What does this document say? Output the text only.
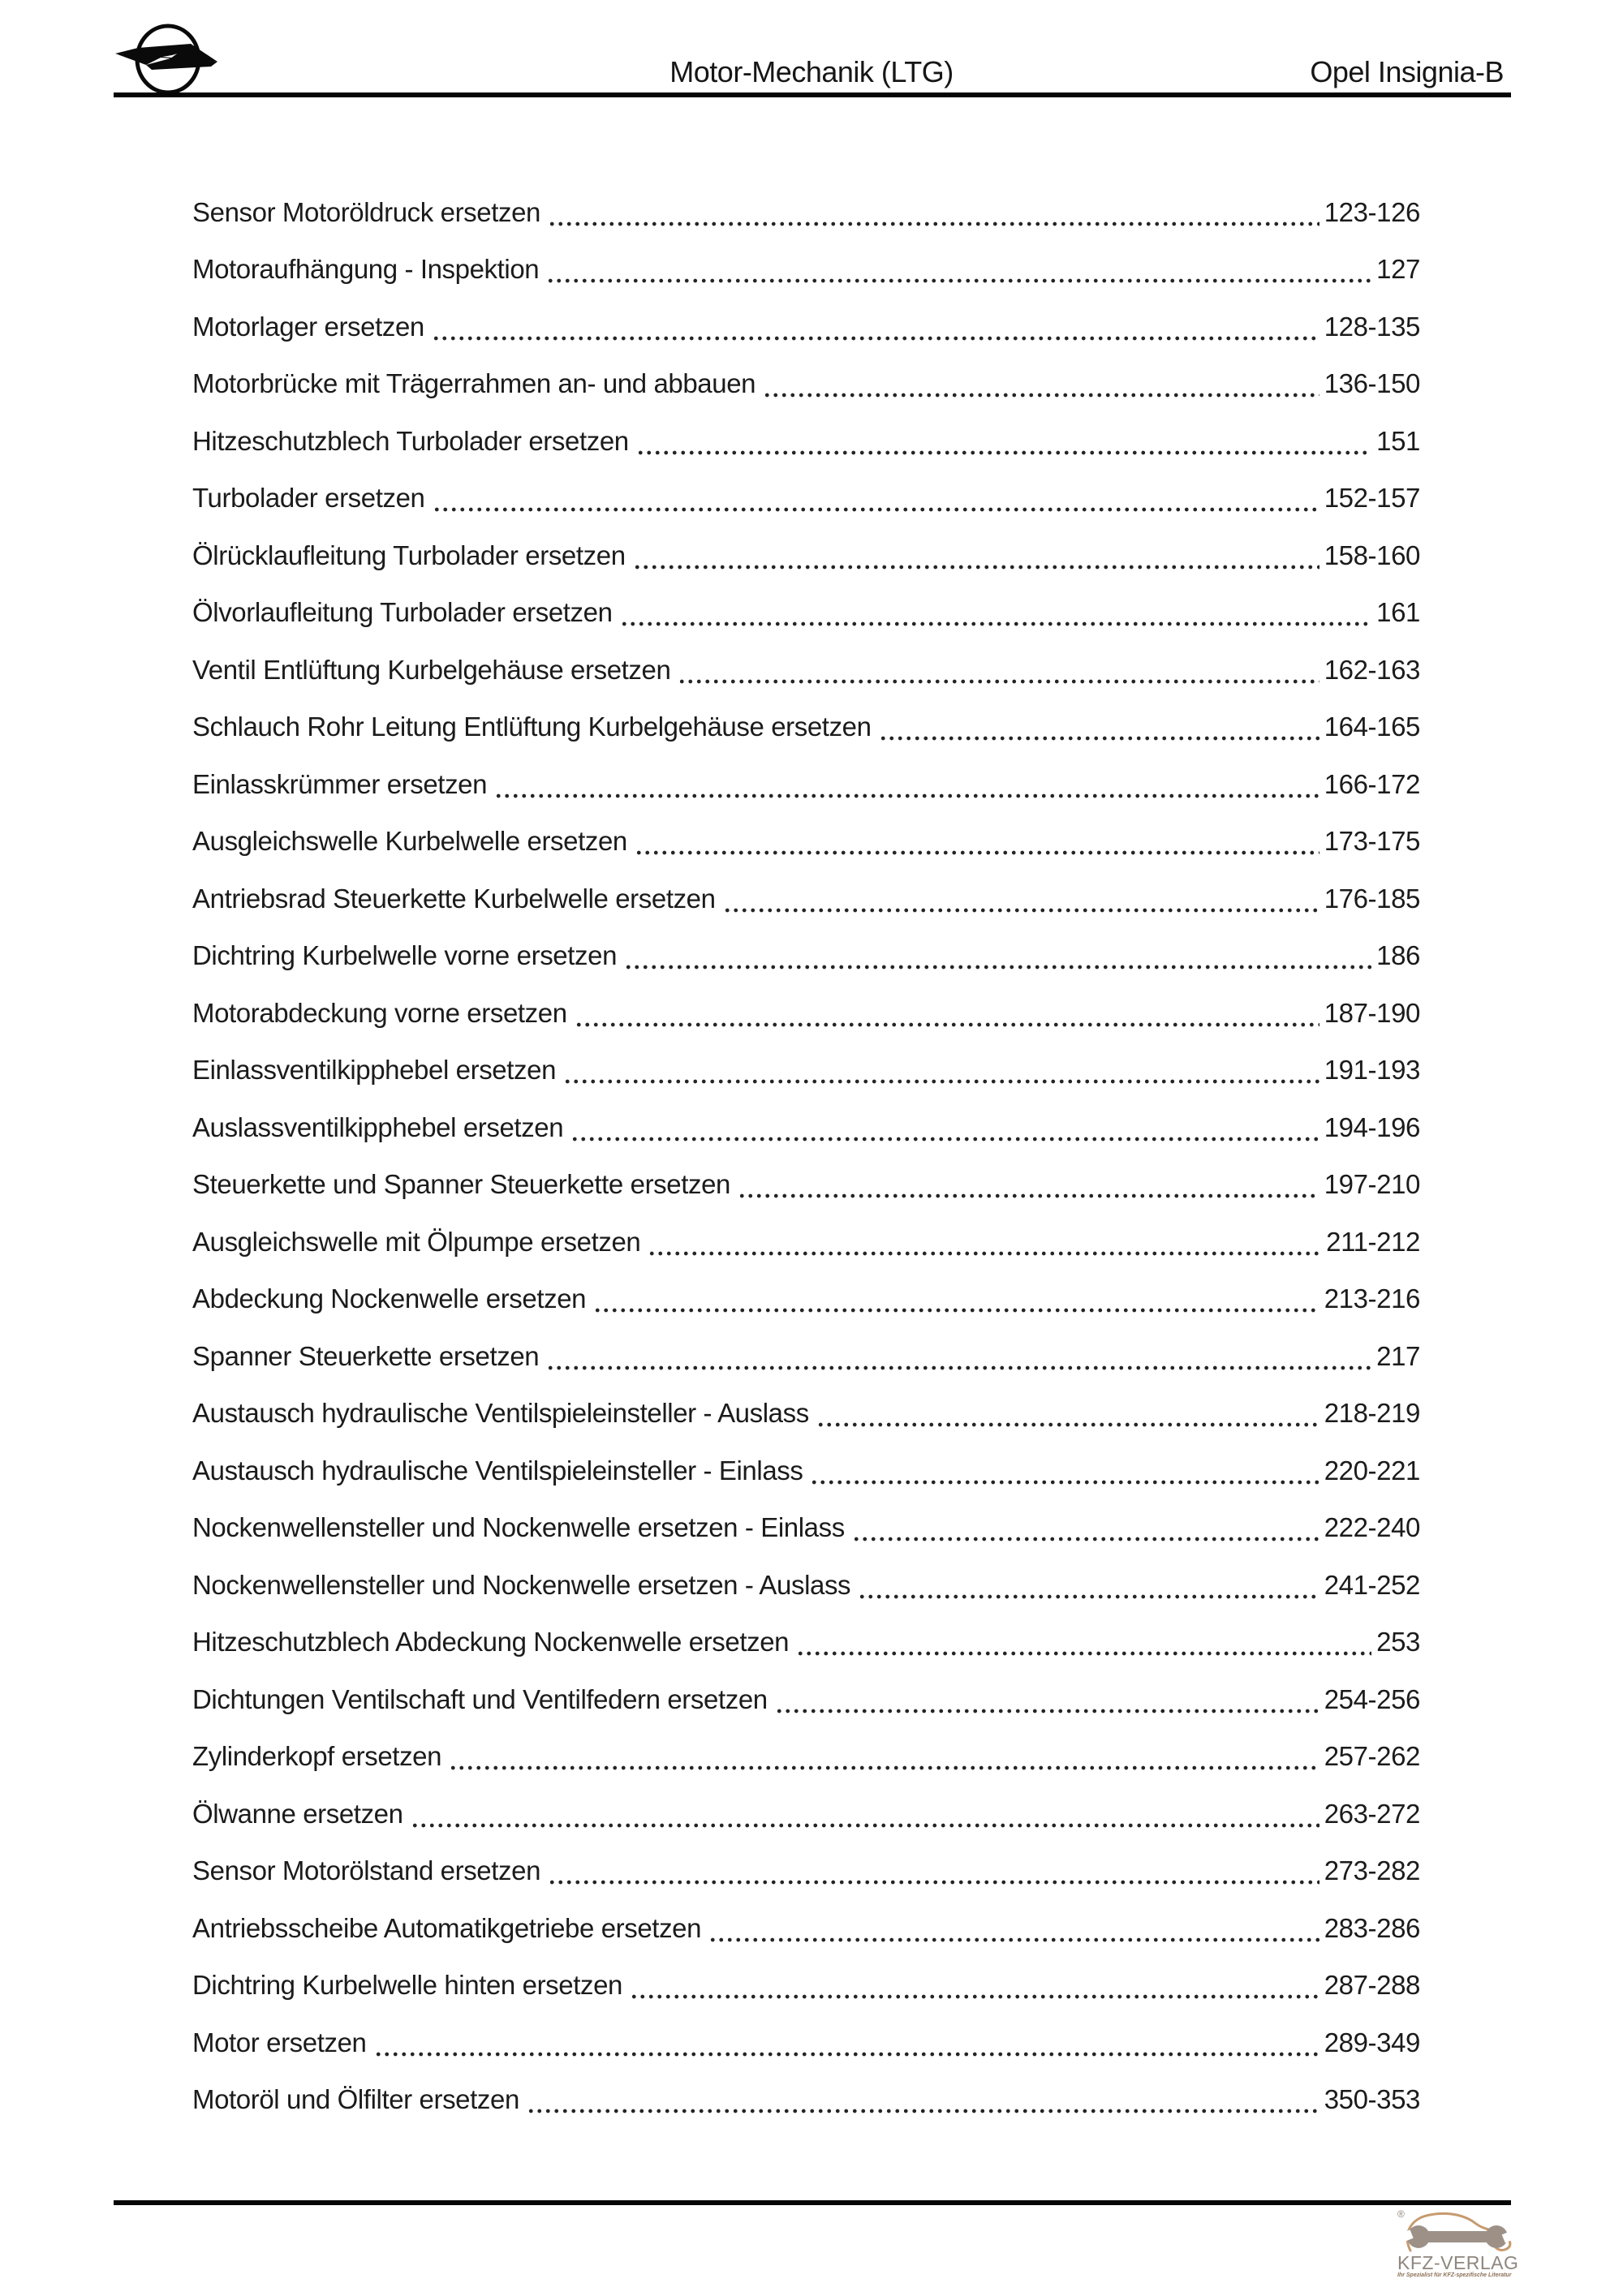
Motor-Mechanik (LTG)	Opel Insignia-B
Sensor Motoröldruck ersetzen	123-126
Motoraufhängung - Inspektion	127
Motorlager ersetzen	128-135
Motorbrücke mit Trägerrahmen an- und abbauen	136-150
Hitzeschutzblech Turbolader ersetzen	151
Turbolader ersetzen	152-157
Ölrücklaufleitung Turbolader ersetzen	158-160
Ölvorlaufleitung Turbolader ersetzen	161
Ventil Entlüftung Kurbelgehäuse ersetzen	162-163
Schlauch Rohr Leitung Entlüftung Kurbelgehäuse ersetzen	164-165
Einlasskrümmer ersetzen	166-172
Ausgleichswelle Kurbelwelle ersetzen	173-175
Antriebsrad Steuerkette Kurbelwelle ersetzen	176-185
Dichtring Kurbelwelle vorne ersetzen	186
Motorabdeckung vorne ersetzen	187-190
Einlassventilkipphebel ersetzen	191-193
Auslassventilkipphebel ersetzen	194-196
Steuerkette und Spanner Steuerkette ersetzen	197-210
Ausgleichswelle mit Ölpumpe ersetzen	211-212
Abdeckung Nockenwelle ersetzen	213-216
Spanner Steuerkette ersetzen	217
Austausch hydraulische Ventilspieleinsteller - Auslass	218-219
Austausch hydraulische Ventilspieleinsteller - Einlass	220-221
Nockenwellensteller und Nockenwelle ersetzen - Einlass	222-240
Nockenwellensteller und Nockenwelle ersetzen - Auslass	241-252
Hitzeschutzblech Abdeckung Nockenwelle ersetzen	253
Dichtungen Ventilschaft und Ventilfedern ersetzen	254-256
Zylinderkopf ersetzen	257-262
Ölwanne ersetzen	263-272
Sensor Motorölstand ersetzen	273-282
Antriebsscheibe Automatikgetriebe ersetzen	283-286
Dichtring Kurbelwelle hinten ersetzen	287-288
Motor ersetzen	289-349
Motoröl und Ölfilter ersetzen	350-353
®
KFZ-VERLAG
Ihr Spezialist für KFZ-spezifische Literatur
